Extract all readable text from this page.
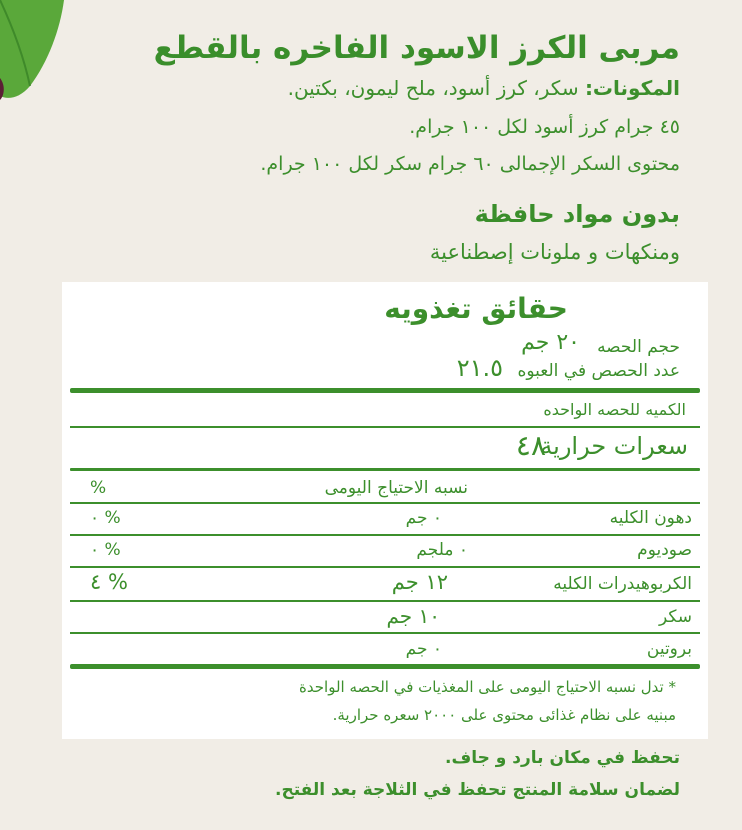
مربى الكرز الاسود الفاخره بالقطع
المكونات: سكر، كرز أسود، ملح ليمون، بكتين.
٤٥ جرام كرز أسود لكل ١٠٠ جرام.
محتوى السكر الإجمالى ٦٠ جرام سكر لكل ١٠٠ جرام.
بدون مواد حافظة
ومنكهات و ملونات إصطناعية
حقائق تغذويه
حجم الحصه
٢٠ جم
عدد الحصص في العبوه
٢١.٥
الكميه للحصه الواحده
سعرات حرارية
٤٨
نسبه الاحتياج اليومى
%
دهون الكليه
٠ جم
٠ %
صوديوم
٠ ملجم
٠ %
الكربوهيدرات الكليه
١٢ جم
٤ %
سكر
١٠ جم
بروتين
٠ جم
* تدل نسبه الاحتياج اليومى على المغذيات في الحصه الواحدة
مبنيه على نظام غذائى محتوى على ٢٠٠٠ سعره حرارية.
تحفظ في مكان بارد و جاف.
لضمان سلامة المنتج تحفظ في الثلاجة بعد الفتح.
